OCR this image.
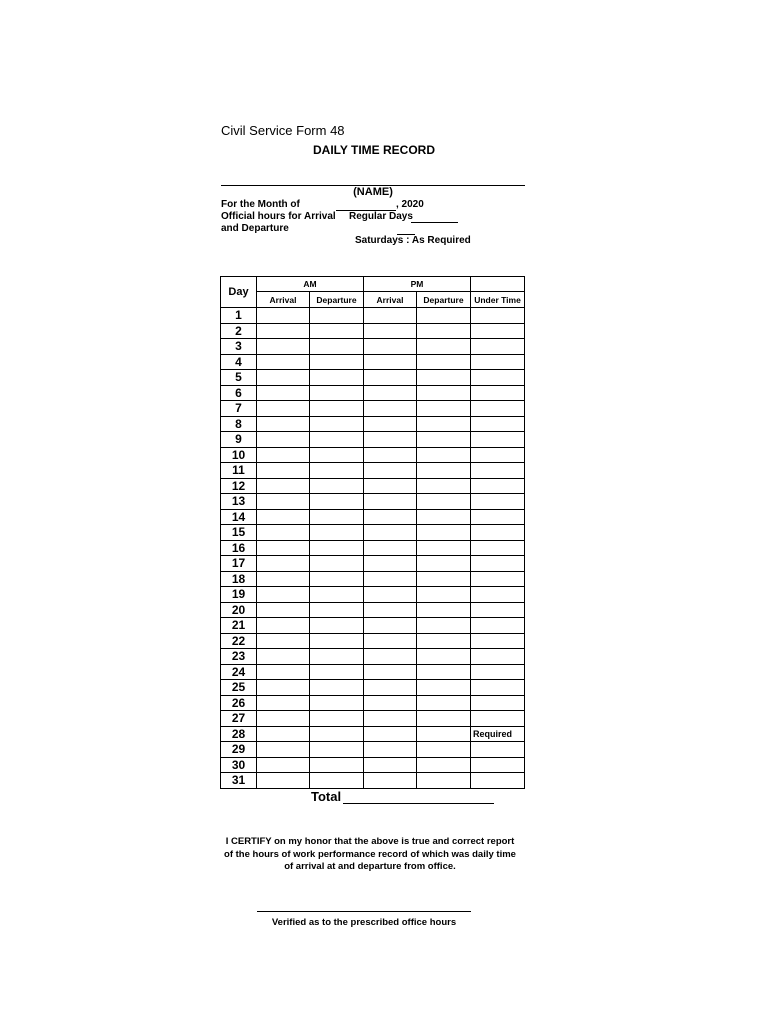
Civil Service Form 48
DAILY TIME RECORD
(NAME)
For the Month of	, 2020
Official hours for Arrival
and Departure
Regular Days
Saturdays : As Required
Day	AM		PM		
	Arrival	Departure	Arrival	Departure	Under Time
1					
2					
3					
4					
5					
6					
7					
8					
9					
10					
11					
12					
13					
14					
15					
16					
17					
18					
19					
20					
21					
22					
23					
24					
25					
26					
27					
28					Required
29					
30					
31					
Total
I CERTIFY on my honor that the above is true and correct report of the hours of work performance record of which was daily time of arrival at and departure from office.
Verified as to the prescribed office hours
